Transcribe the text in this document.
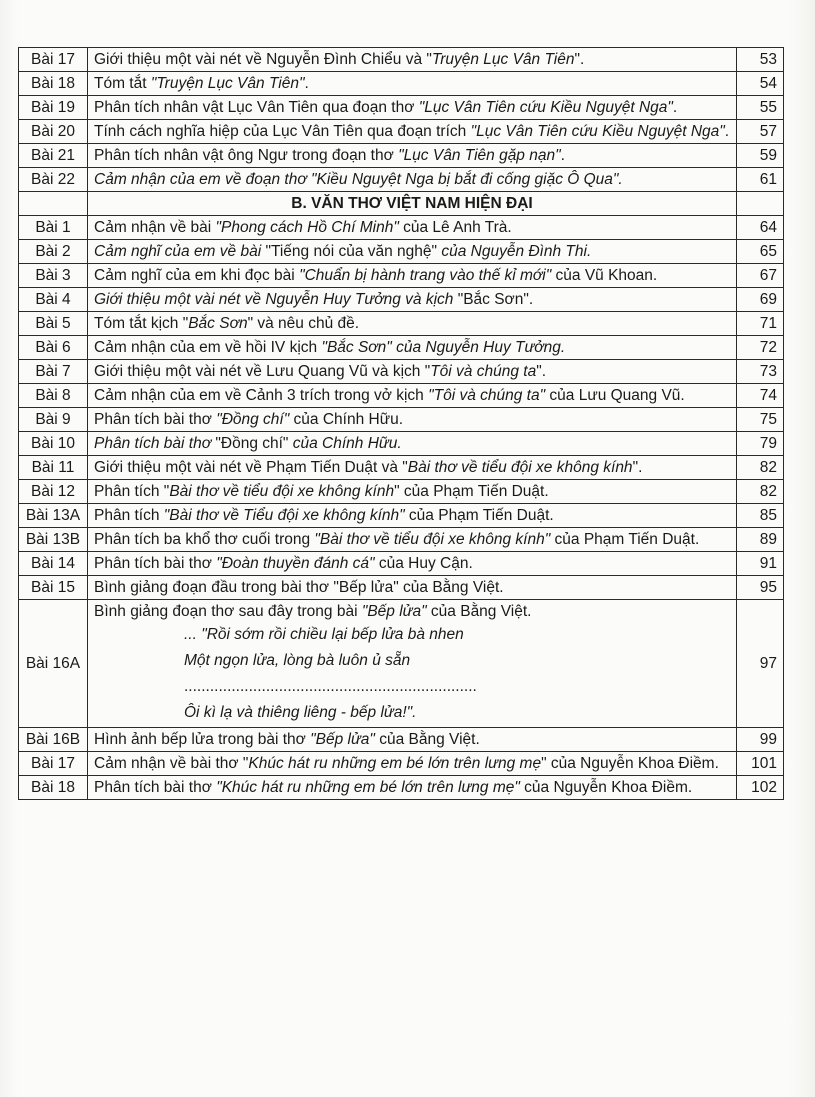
Bài 17	Giới thiệu một vài nét về Nguyễn Đình Chiểu và "Truyện Lục Vân Tiên".	53
Bài 18	Tóm tắt "Truyện Lục Vân Tiên".	54
Bài 19	Phân tích nhân vật Lục Vân Tiên qua đoạn thơ "Lục Vân Tiên cứu Kiều Nguyệt Nga".	55
Bài 20	Tính cách nghĩa hiệp của Lục Vân Tiên qua đoạn trích "Lục Vân Tiên cứu Kiều Nguyệt Nga".	57
Bài 21	Phân tích nhân vật ông Ngư trong đoạn thơ "Lục Vân Tiên gặp nạn".	59
Bài 22	Cảm nhận của em về đoạn thơ "Kiều Nguyệt Nga bị bắt đi cống giặc Ô Qua".	61

	B. VĂN THƠ VIỆT NAM HIỆN ĐẠI	

Bài 1	Cảm nhận về bài "Phong cách Hồ Chí Minh" của Lê Anh Trà.	64
Bài 2	Cảm nghĩ của em về bài "Tiếng nói của văn nghệ" của Nguyễn Đình Thi.	65
Bài 3	Cảm nghĩ của em khi đọc bài "Chuẩn bị hành trang vào thế kỉ mới" của Vũ Khoan.	67
Bài 4	Giới thiệu một vài nét về Nguyễn Huy Tưởng và kịch "Bắc Sơn".	69
Bài 5	Tóm tắt kịch "Bắc Sơn" và nêu chủ đề.	71
Bài 6	Cảm nhận của em về hồi IV kịch "Bắc Sơn" của Nguyễn Huy Tưởng.	72
Bài 7	Giới thiệu một vài nét về Lưu Quang Vũ và kịch "Tôi và chúng ta".	73
Bài 8	Cảm nhận của em về Cảnh 3 trích trong vở kịch "Tôi và chúng ta" của Lưu Quang Vũ.	74
Bài 9	Phân tích bài thơ "Đồng chí" của Chính Hữu.	75
Bài 10	Phân tích bài thơ "Đồng chí" của Chính Hữu.	79
Bài 11	Giới thiệu một vài nét về Phạm Tiến Duật và "Bài thơ về tiểu đội xe không kính".	82
Bài 12	Phân tích "Bài thơ về tiểu đội xe không kính" của Phạm Tiến Duật.	82
Bài 13A	Phân tích "Bài thơ về Tiểu đội xe không kính" của Phạm Tiến Duật.	85
Bài 13B	Phân tích ba khổ thơ cuối trong "Bài thơ về tiểu đội xe không kính" của Phạm Tiến Duật.	89
Bài 14	Phân tích bài thơ "Đoàn thuyền đánh cá" của Huy Cận.	91
Bài 15	Bình giảng đoạn đầu trong bài thơ "Bếp lửa" của Bằng Việt.	95
Bài 16A	Bình giảng đoạn thơ sau đây trong bài "Bếp lửa" của Bằng Việt.
... "Rồi sớm rồi chiều lại bếp lửa bà nhen
Một ngọn lửa, lòng bà luôn ủ sẵn
....................................................................
Ôi kì lạ và thiêng liêng - bếp lửa!".	97
Bài 16B	Hình ảnh bếp lửa trong bài thơ "Bếp lửa" của Bằng Việt.	99
Bài 17	Cảm nhận về bài thơ "Khúc hát ru những em bé lớn trên lưng mẹ" của Nguyễn Khoa Điềm.	101
Bài 18	Phân tích bài thơ "Khúc hát ru những em bé lớn trên lưng mẹ" của Nguyễn Khoa Điềm.	102
